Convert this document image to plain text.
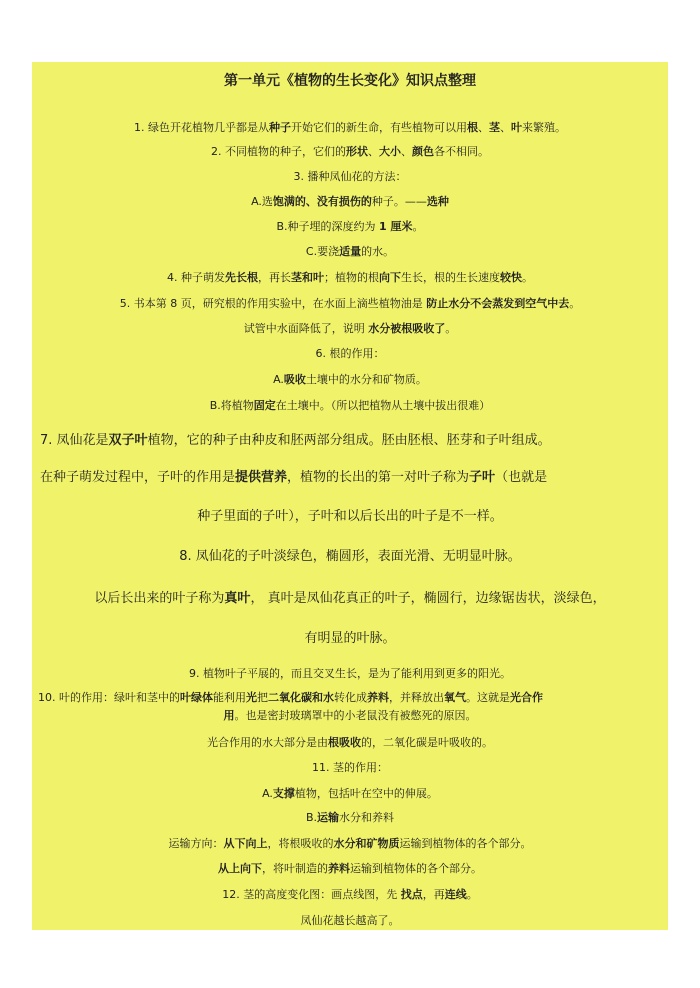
第一单元《植物的生长变化》知识点整理
1. 绿色开花植物几乎都是从种子开始它们的新生命，有些植物可以用根、茎、叶来繁殖。
2. 不同植物的种子，它们的形状、大小、颜色各不相同。
3. 播种凤仙花的方法：
A.选饱满的、没有损伤的种子。——选种
B.种子埋的深度约为 1 厘米。
C.要浇适量的水。
4. 种子萌发先长根，再长茎和叶；植物的根向下生长，根的生长速度较快。
5. 书本第 8 页，研究根的作用实验中，在水面上滴些植物油是 防止水分不会蒸发到空气中去。
试管中水面降低了，说明 水分被根吸收了。
6. 根的作用：
A.吸收土壤中的水分和矿物质。
B.将植物固定在土壤中。（所以把植物从土壤中拔出很难）
7. 凤仙花是双子叶植物，它的种子由种皮和胚两部分组成。胚由胚根、胚芽和子叶组成。
在种子萌发过程中，子叶的作用是提供营养，植物的长出的第一对叶子称为子叶（也就是
种子里面的子叶），子叶和以后长出的叶子是不一样。
8. 凤仙花的子叶淡绿色，椭圆形，表面光滑、无明显叶脉。
以后长出来的叶子称为真叶， 真叶是凤仙花真正的叶子，椭圆行，边缘锯齿状，淡绿色，
有明显的叶脉。
9. 植物叶子平展的，而且交叉生长，是为了能利用到更多的阳光。
10. 叶的作用：绿叶和茎中的叶绿体能利用光把二氧化碳和水转化成养料，并释放出氧气。这就是光合作
用。也是密封玻璃罩中的小老鼠没有被憋死的原因。
光合作用的水大部分是由根吸收的，二氧化碳是叶吸收的。
11. 茎的作用：
A.支撑植物，包括叶在空中的伸展。
B.运输水分和养料
运输方向：从下向上，将根吸收的水分和矿物质运输到植物体的各个部分。
从上向下，将叶制造的养料运输到植物体的各个部分。
12. 茎的高度变化图：画点线图，先 找点，再连线。
凤仙花越长越高了。
